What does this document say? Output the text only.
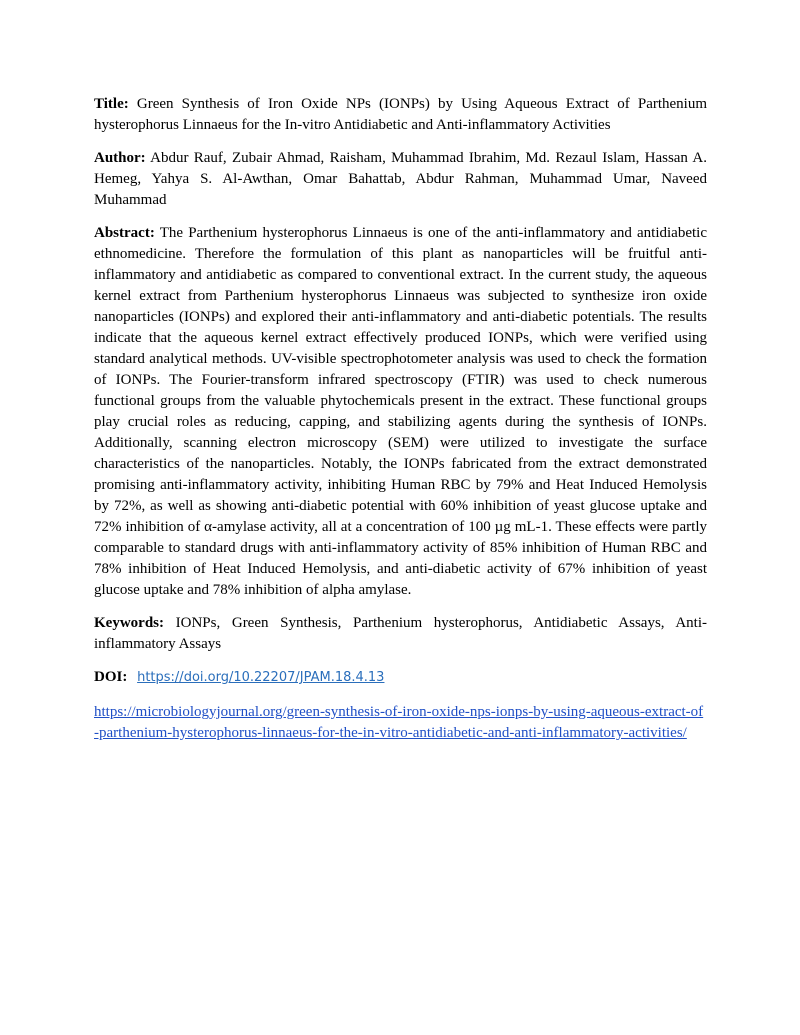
Title: Green Synthesis of Iron Oxide NPs (IONPs) by Using Aqueous Extract of Parthenium hysterophorus Linnaeus for the In-vitro Antidiabetic and Anti-inflammatory Activities

Author: Abdur Rauf, Zubair Ahmad, Raisham, Muhammad Ibrahim, Md. Rezaul Islam, Hassan A. Hemeg, Yahya S. Al-Awthan, Omar Bahattab, Abdur Rahman, Muhammad Umar, Naveed Muhammad

Abstract: The Parthenium hysterophorus Linnaeus is one of the anti-inflammatory and antidiabetic ethnomedicine. Therefore the formulation of this plant as nanoparticles will be fruitful anti-inflammatory and antidiabetic as compared to conventional extract. In the current study, the aqueous kernel extract from Parthenium hysterophorus Linnaeus was subjected to synthesize iron oxide nanoparticles (IONPs) and explored their anti-inflammatory and anti-diabetic potentials. The results indicate that the aqueous kernel extract effectively produced IONPs, which were verified using standard analytical methods. UV-visible spectrophotometer analysis was used to check the formation of IONPs. The Fourier-transform infrared spectroscopy (FTIR) was used to check numerous functional groups from the valuable phytochemicals present in the extract. These functional groups play crucial roles as reducing, capping, and stabilizing agents during the synthesis of IONPs. Additionally, scanning electron microscopy (SEM) were utilized to investigate the surface characteristics of the nanoparticles. Notably, the IONPs fabricated from the extract demonstrated promising anti-inflammatory activity, inhibiting Human RBC by 79% and Heat Induced Hemolysis by 72%, as well as showing anti-diabetic potential with 60% inhibition of yeast glucose uptake and 72% inhibition of α-amylase activity, all at a concentration of 100 µg mL-1. These effects were partly comparable to standard drugs with anti-inflammatory activity of 85% inhibition of Human RBC and 78% inhibition of Heat Induced Hemolysis, and anti-diabetic activity of 67% inhibition of yeast glucose uptake and 78% inhibition of alpha amylase.

Keywords: IONPs, Green Synthesis, Parthenium hysterophorus, Antidiabetic Assays, Anti-inflammatory Assays

DOI: https://doi.org/10.22207/JPAM.18.4.13

https://microbiologyjournal.org/green-synthesis-of-iron-oxide-nps-ionps-by-using-aqueous-extract-of-parthenium-hysterophorus-linnaeus-for-the-in-vitro-antidiabetic-and-anti-inflammatory-activities/
